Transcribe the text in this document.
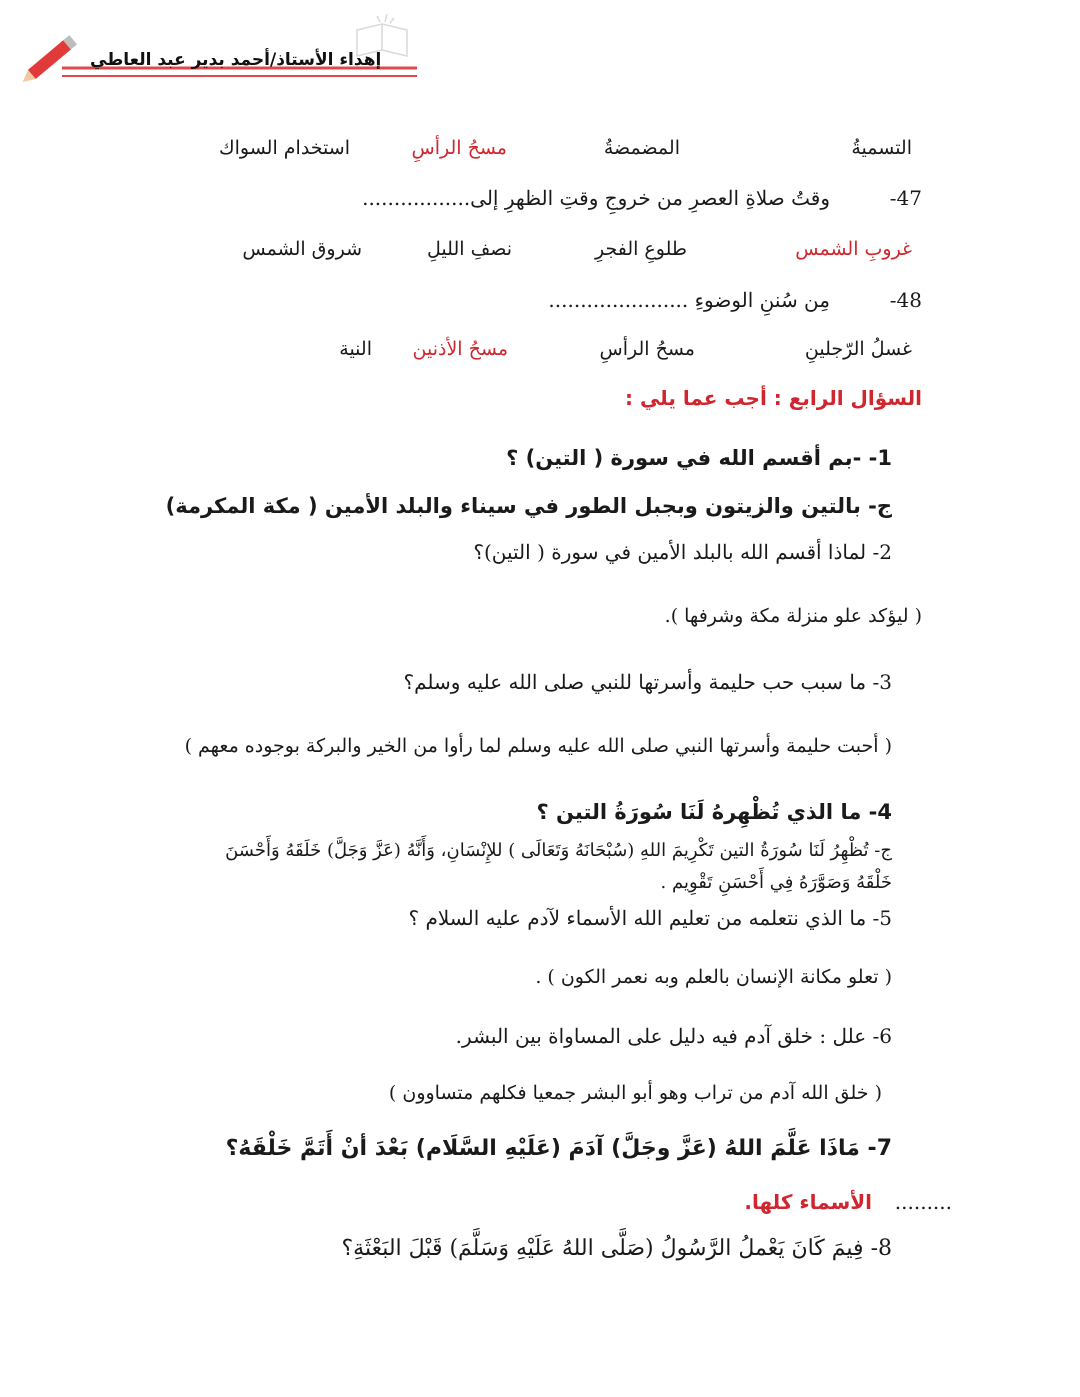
إهداء الأستاذ/أحمد بدير عبد العاطي
التسميةُ
المضمضةُ
مسحُ الرأسِ
استخدام السواك
47-
وقتُ صلاةِ العصرِ من خروجِ وقتِ الظهرِ إلى.................
غروبِ الشمس
طلوعِ الفجرِ
نصفِ الليلِ
شروق الشمس
48-
مِن سُننِ الوضوءِ ......................
غسلُ الرّجلينِ
مسحُ الرأسِ
مسحُ الأذنين
النية
السؤال الرابع : أجب عما يلي :
1- -بم أقسم الله في سورة ( التين) ؟
ج- بالتين والزيتون وبجبل الطور في سيناء والبلد الأمين ( مكة المكرمة)
2- لماذا أقسم الله بالبلد الأمين في سورة ( التين)؟
( ليؤكد علو منزلة مكة وشرفها ).
3- ما سبب حب حليمة وأسرتها للنبي صلى الله عليه وسلم؟
( أحبت حليمة وأسرتها النبي صلى الله عليه وسلم لما رأوا من الخير والبركة بوجوده معهم )
4- ما الذي تُظْهِرهُ لَنَا سُورَةُ التين ؟
ج- تُظْهِرُ لَنَا سُورَةُ التين تَكْرِيمَ اللهِ (سُبْحَانَهُ وَتَعَالَى ) للإِنْسَانِ، وَأَنَّهُ (عَزَّ وَجَلَّ) خَلَقَهُ وَأَحْسَنَ
خَلْقَهُ وَصَوَّرَهُ فِي أَحْسَنِ تَقْوِيم .
5- ما الذي نتعلمه من تعليم الله الأسماء لآدم عليه السلام ؟
( تعلو مكانة الإنسان بالعلم وبه نعمر الكون ) .
6- علل : خلق آدم فيه دليل على المساواة بين البشر.
( خلق الله آدم من تراب وهو أبو البشر جمعيا فكلهم متساوون )
7- مَاذَا عَلَّمَ اللهُ (عَزَّ وجَلَّ) آدَمَ (عَلَيْهِ السَّلَام) بَعْدَ أنْ أَتَمَّ خَلْقَهُ؟
الأسماء كلها. .........
8- فِيمَ كَانَ يَعْملُ الرَّسُولُ (صَلَّى اللهُ عَلَيْهِ وَسَلَّمَ) قَبْلَ البَعْثَةِ؟
